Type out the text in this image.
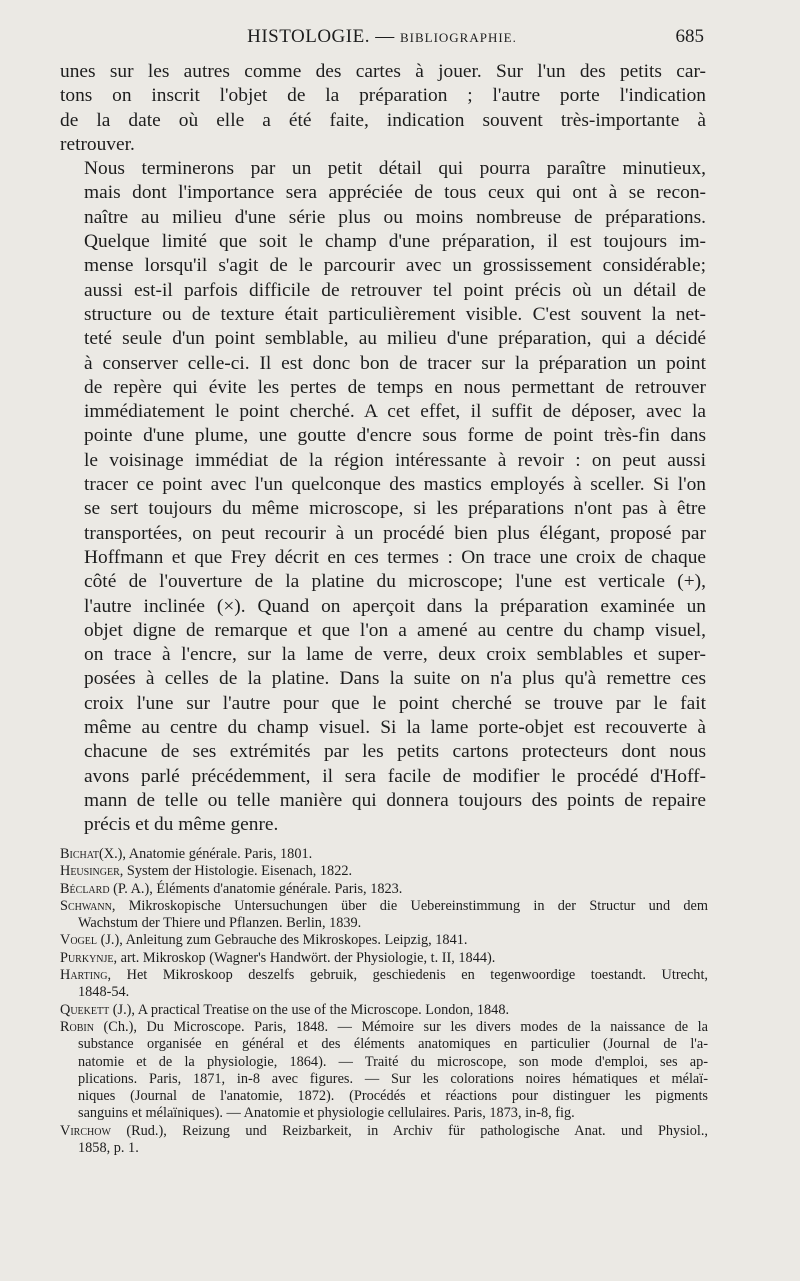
HISTOLOGIE. — BIBLIOGRAPHIE.	685

unes sur les autres comme des cartes à jouer. Sur l'un des petits car-
tons on inscrit l'objet de la préparation ; l'autre porte l'indication
de la date où elle a été faite, indication souvent très-importante à
retrouver.

Nous terminerons par un petit détail qui pourra paraître minutieux,
mais dont l'importance sera appréciée de tous ceux qui ont à se recon-
naître au milieu d'une série plus ou moins nombreuse de préparations.
Quelque limité que soit le champ d'une préparation, il est toujours im-
mense lorsqu'il s'agit de le parcourir avec un grossissement considérable;
aussi est-il parfois difficile de retrouver tel point précis où un détail de
structure ou de texture était particulièrement visible. C'est souvent la net-
teté seule d'un point semblable, au milieu d'une préparation, qui a décidé
à conserver celle-ci. Il est donc bon de tracer sur la préparation un point
de repère qui évite les pertes de temps en nous permettant de retrouver
immédiatement le point cherché. A cet effet, il suffit de déposer, avec la
pointe d'une plume, une goutte d'encre sous forme de point très-fin dans
le voisinage immédiat de la région intéressante à revoir : on peut aussi
tracer ce point avec l'un quelconque des mastics employés à sceller. Si l'on
se sert toujours du même microscope, si les préparations n'ont pas à être
transportées, on peut recourir à un procédé bien plus élégant, proposé par
Hoffmann et que Frey décrit en ces termes : On trace une croix de chaque
côté de l'ouverture de la platine du microscope; l'une est verticale (+),
l'autre inclinée (×). Quand on aperçoit dans la préparation examinée un
objet digne de remarque et que l'on a amené au centre du champ visuel,
on trace à l'encre, sur la lame de verre, deux croix semblables et super-
posées à celles de la platine. Dans la suite on n'a plus qu'à remettre ces
croix l'une sur l'autre pour que le point cherché se trouve par le fait
même au centre du champ visuel. Si la lame porte-objet est recouverte à
chacune de ses extrémités par les petits cartons protecteurs dont nous
avons parlé précédemment, il sera facile de modifier le procédé d'Hoff-
mann de telle ou telle manière qui donnera toujours des points de repaire
précis et du même genre.

Bichat(X.), Anatomie générale. Paris, 1801.
Heusinger, System der Histologie. Eisenach, 1822.
Béclard (P. A.), Éléments d'anatomie générale. Paris, 1823.
Schwann, Mikroskopische Untersuchungen über die Uebereinstimmung in der Structur und dem
Wachstum der Thiere und Pflanzen. Berlin, 1839.
Vogel (J.), Anleitung zum Gebrauche des Mikroskopes. Leipzig, 1841.
Purkynje, art. Mikroskop (Wagner's Handwört. der Physiologie, t. II, 1844).
Harting, Het Mikroskoop deszelfs gebruik, geschiedenis en tegenwoordige toestandt. Utrecht,
1848-54.
Quekett (J.), A practical Treatise on the use of the Microscope. London, 1848.
Robin (Ch.), Du Microscope. Paris, 1848. — Mémoire sur les divers modes de la naissance de la
substance organisée en général et des éléments anatomiques en particulier (Journal de l'a-
natomie et de la physiologie, 1864). — Traité du microscope, son mode d'emploi, ses ap-
plications. Paris, 1871, in-8 avec figures. — Sur les colorations noires hématiques et mélaï-
niques (Journal de l'anatomie, 1872). (Procédés et réactions pour distinguer les pigments
sanguins et mélaïniques). — Anatomie et physiologie cellulaires. Paris, 1873, in-8, fig.
Virchow (Rud.), Reizung und Reizbarkeit, in Archiv für pathologische Anat. und Physiol.,
1858, p. 1.
